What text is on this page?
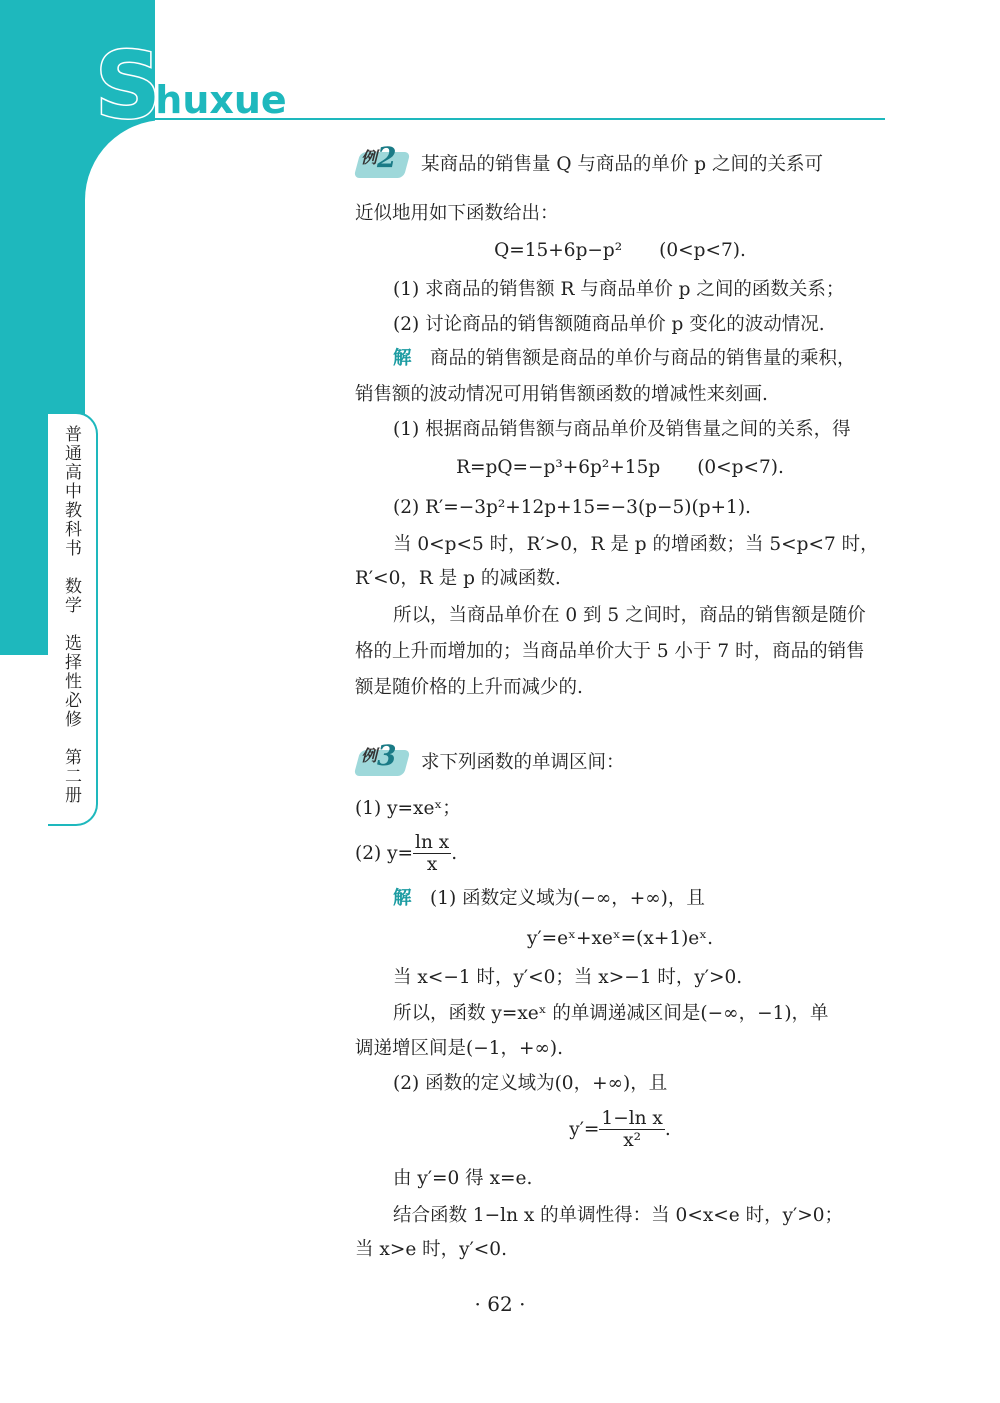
Shuxue
普通高中教科书　数学　选择性必修　第二册
例 2 某商品的销售量 Q 与商品的单价 p 之间的关系可
近似地用如下函数给出：
Q=15+6p−p²　　(0<p<7).
(1) 求商品的销售额 R 与商品单价 p 之间的函数关系；
(2) 讨论商品的销售额随商品单价 p 变化的波动情况.
解　 商品的销售额是商品的单价与商品的销售量的乘积，
销售额的波动情况可用销售额函数的增减性来刻画.
(1) 根据商品销售额与商品单价及销售量之间的关系，得
R=pQ=−p³+6p²+15p　　(0<p<7).
(2) R′=−3p²+12p+15=−3(p−5)(p+1).
当 0<p<5 时，R′>0，R 是 p 的增函数；当 5<p<7 时，
R′<0，R 是 p 的减函数.
所以，当商品单价在 0 到 5 之间时，商品的销售额是随价
格的上升而增加的；当商品单价大于 5 小于 7 时，商品的销售
额是随价格的上升而减少的.
例 3 求下列函数的单调区间：
(1) y=xeˣ；
(2) $y= \frac{\text{ln x}}{x}$ .
解　 (1) 函数定义域为(−∞，+∞)，且
y′=eˣ+xeˣ=(x+1)eˣ.
当 x<−1 时，y′<0；当 x>−1 时，y′>0.
所以，函数 y=xeˣ 的单调递减区间是(−∞，−1)，单
调递增区间是(−1，+∞).
(2) 函数的定义域为(0，+∞)，且
$y'= \frac{\text{1−ln x}}{\text{x²}}$ .
由 y′=0 得 x=e.
结合函数 1−ln x 的单调性得：当 0<x<e 时，y′>0；
当 x>e 时，y′<0.
· 62 ·
